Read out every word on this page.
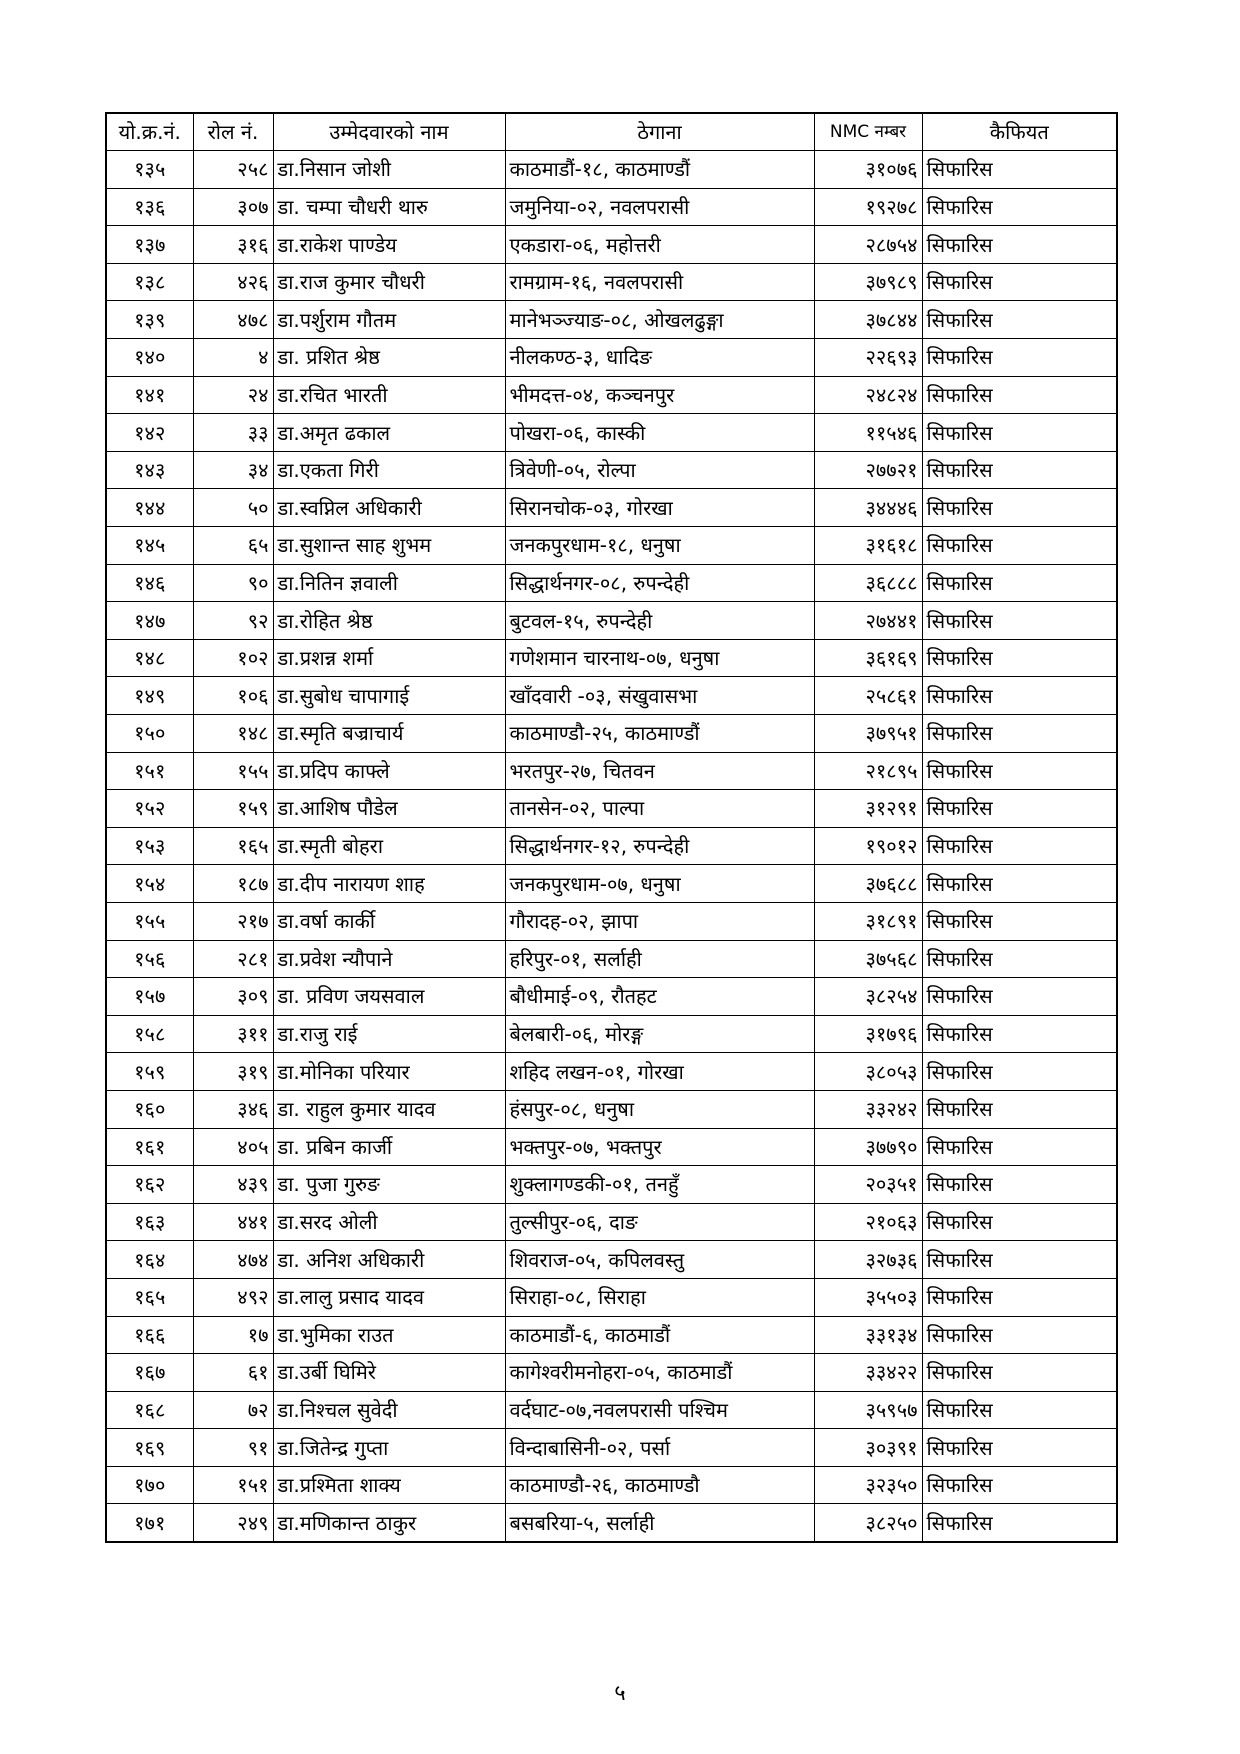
यो.क्र.नं.	रोल नं.	उम्मेदवारको नाम	ठेगाना	NMC नम्बर	कैफियत
१३५	२५८	डा.निसान जोशी	काठमाडौं-१८, काठमाण्डौं	३१०७६	सिफारिस
१३६	३०७	डा. चम्पा चौधरी थारु	जमुनिया-०२, नवलपरासी	१९२७८	सिफारिस
१३७	३१६	डा.राकेश पाण्डेय	एकडारा-०६, महोत्तरी	२८७५४	सिफारिस
१३८	४२६	डा.राज कुमार चौधरी	रामग्राम-१६, नवलपरासी	३७९८९	सिफारिस
१३९	४७८	डा.पर्शुराम गौतम	मानेभञ्ज्याङ-०८, ओखलढुङ्गा	३७८४४	सिफारिस
१४०	४	डा. प्रशित श्रेष्ठ	नीलकण्ठ-३, धादिङ	२२६९३	सिफारिस
१४१	२४	डा.रचित भारती	भीमदत्त-०४, कञ्चनपुर	२४८२४	सिफारिस
१४२	३३	डा.अमृत ढकाल	पोखरा-०६, कास्की	११५४६	सिफारिस
१४३	३४	डा.एकता गिरी	त्रिवेणी-०५, रोल्पा	२७७२१	सिफारिस
१४४	५०	डा.स्वप्निल अधिकारी	सिरानचोक-०३, गोरखा	३४४४६	सिफारिस
१४५	६५	डा.सुशान्त साह शुभम	जनकपुरधाम-१८, धनुषा	३१६१८	सिफारिस
१४६	९०	डा.नितिन ज्ञवाली	सिद्धार्थनगर-०८, रुपन्देही	३६८८८	सिफारिस
१४७	९२	डा.रोहित श्रेष्ठ	बुटवल-१५, रुपन्देही	२७४४१	सिफारिस
१४८	१०२	डा.प्रशन्न शर्मा	गणेशमान चारनाथ-०७, धनुषा	३६१६९	सिफारिस
१४९	१०६	डा.सुबोध चापागाई	खाँदवारी -०३, संखुवासभा	२५८६१	सिफारिस
१५०	१४८	डा.स्मृति बज्राचार्य	काठमाण्डौ-२५, काठमाण्डौं	३७९५१	सिफारिस
१५१	१५५	डा.प्रदिप काफ्ले	भरतपुर-२७, चितवन	२१८९५	सिफारिस
१५२	१५९	डा.आशिष पौडेल	तानसेन-०२, पाल्पा	३१२९१	सिफारिस
१५३	१६५	डा.स्मृती बोहरा	सिद्धार्थनगर-१२, रुपन्देही	१९०१२	सिफारिस
१५४	१८७	डा.दीप नारायण शाह	जनकपुरधाम-०७, धनुषा	३७६८८	सिफारिस
१५५	२१७	डा.वर्षा कार्की	गौरादह-०२, झापा	३१८९१	सिफारिस
१५६	२८१	डा.प्रवेश न्यौपाने	हरिपुर-०१, सर्लाही	३७५६८	सिफारिस
१५७	३०९	डा. प्रविण जयसवाल	बौधीमाई-०९, रौतहट	३८२५४	सिफारिस
१५८	३११	डा.राजु राई	बेलबारी-०६, मोरङ्ग	३१७९६	सिफारिस
१५९	३१९	डा.मोनिका परियार	शहिद लखन-०१, गोरखा	३८०५३	सिफारिस
१६०	३४६	डा. राहुल कुमार यादव	हंसपुर-०८, धनुषा	३३२४२	सिफारिस
१६१	४०५	डा. प्रबिन कार्जी	भक्तपुर-०७, भक्तपुर	३७७९०	सिफारिस
१६२	४३९	डा. पुजा गुरुङ	शुक्लागण्डकी-०१, तनहुँ	२०३५१	सिफारिस
१६३	४४१	डा.सरद ओली	तुल्सीपुर-०६, दाङ	२१०६३	सिफारिस
१६४	४७४	डा. अनिश अधिकारी	शिवराज-०५, कपिलवस्तु	३२७३६	सिफारिस
१६५	४९२	डा.लालु प्रसाद यादव	सिराहा-०८, सिराहा	३५५०३	सिफारिस
१६६	१७	डा.भुमिका राउत	काठमाडौं-६, काठमाडौं	३३१३४	सिफारिस
१६७	६१	डा.उर्बी घिमिरे	कागेश्वरीमनोहरा-०५, काठमाडौं	३३४२२	सिफारिस
१६८	७२	डा.निश्चल सुवेदी	वर्दघाट-०७,नवलपरासी पश्चिम	३५९५७	सिफारिस
१६९	९१	डा.जितेन्द्र गुप्ता	विन्दाबासिनी-०२, पर्सा	३०३९१	सिफारिस
१७०	१५१	डा.प्रश्मिता शाक्य	काठमाण्डौ-२६, काठमाण्डौ	३२३५०	सिफारिस
१७१	२४९	डा.मणिकान्त ठाकुर	बसबरिया-५, सर्लाही	३८२५०	सिफारिस
५
